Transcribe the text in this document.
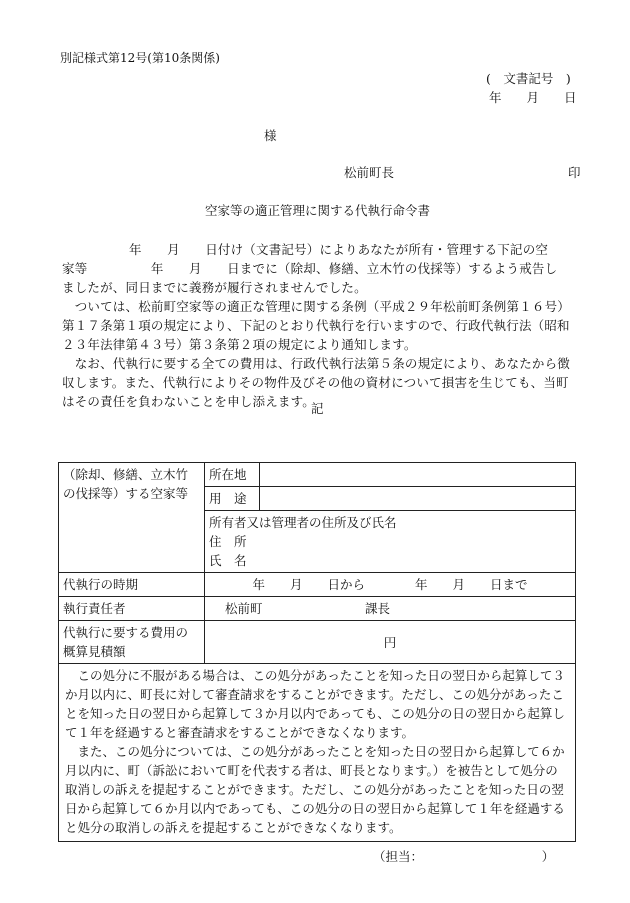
別記様式第12号(第10条関係)
(　文書記号　)
年　　月　　日
様
松前町長	印
空家等の適正管理に関する代執行命令書

年　　月　　日付け（文書記号）によりあなたが所有・管理する下記の空

家等　　　　　年　　月　　日までに（除却、修繕、立木竹の伐採等）するよう戒告し

ましたが、同日までに義務が履行されませんでした。

　ついては、松前町空家等の適正な管理に関する条例（平成２９年松前町条例第１６号）第１７条第１項の規定により、下記のとおり代執行を行いますので、行政代執行法（昭和２３年法律第４３号）第３条第２項の規定により通知します。

　なお、代執行に要する全ての費用は、行政代執行法第５条の規定により、あなたから徴収します。また、代執行によりその物件及びその他の資材について損害を生じても、当町はその責任を負わないことを申し添えます。

記
（除却、修繕、立木竹の伐採等）する空家等	所在地	
	用　途	

	所有者又は管理者の住所及び氏名
住　所
氏　名	

代執行の時期	年　　月　　日から　　　　年　　月　　日まで	
執行責任者	松前町 課長	
代執行に要する費用の概算見積額	円	

　この処分に不服がある場合は、この処分があったことを知った日の翌日から起算して３か月以内に、町長に対して審査請求をすることができます。ただし、この処分があったことを知った日の翌日から起算して３か月以内であっても、この処分の日の翌日から起算して１年を経過すると審査請求をすることができなくなります。

　また、この処分については、この処分があったことを知った日の翌日から起算して６か月以内に、町（訴訟において町を代表する者は、町長となります。）を被告として処分の取消しの訴えを提起することができます。ただし、この処分があったことを知った日の翌日から起算して６か月以内であっても、この処分の日の翌日から起算して１年を経過すると処分の取消しの訴えを提起することができなくなります。		

（担当：　　　　　　　　　　）
